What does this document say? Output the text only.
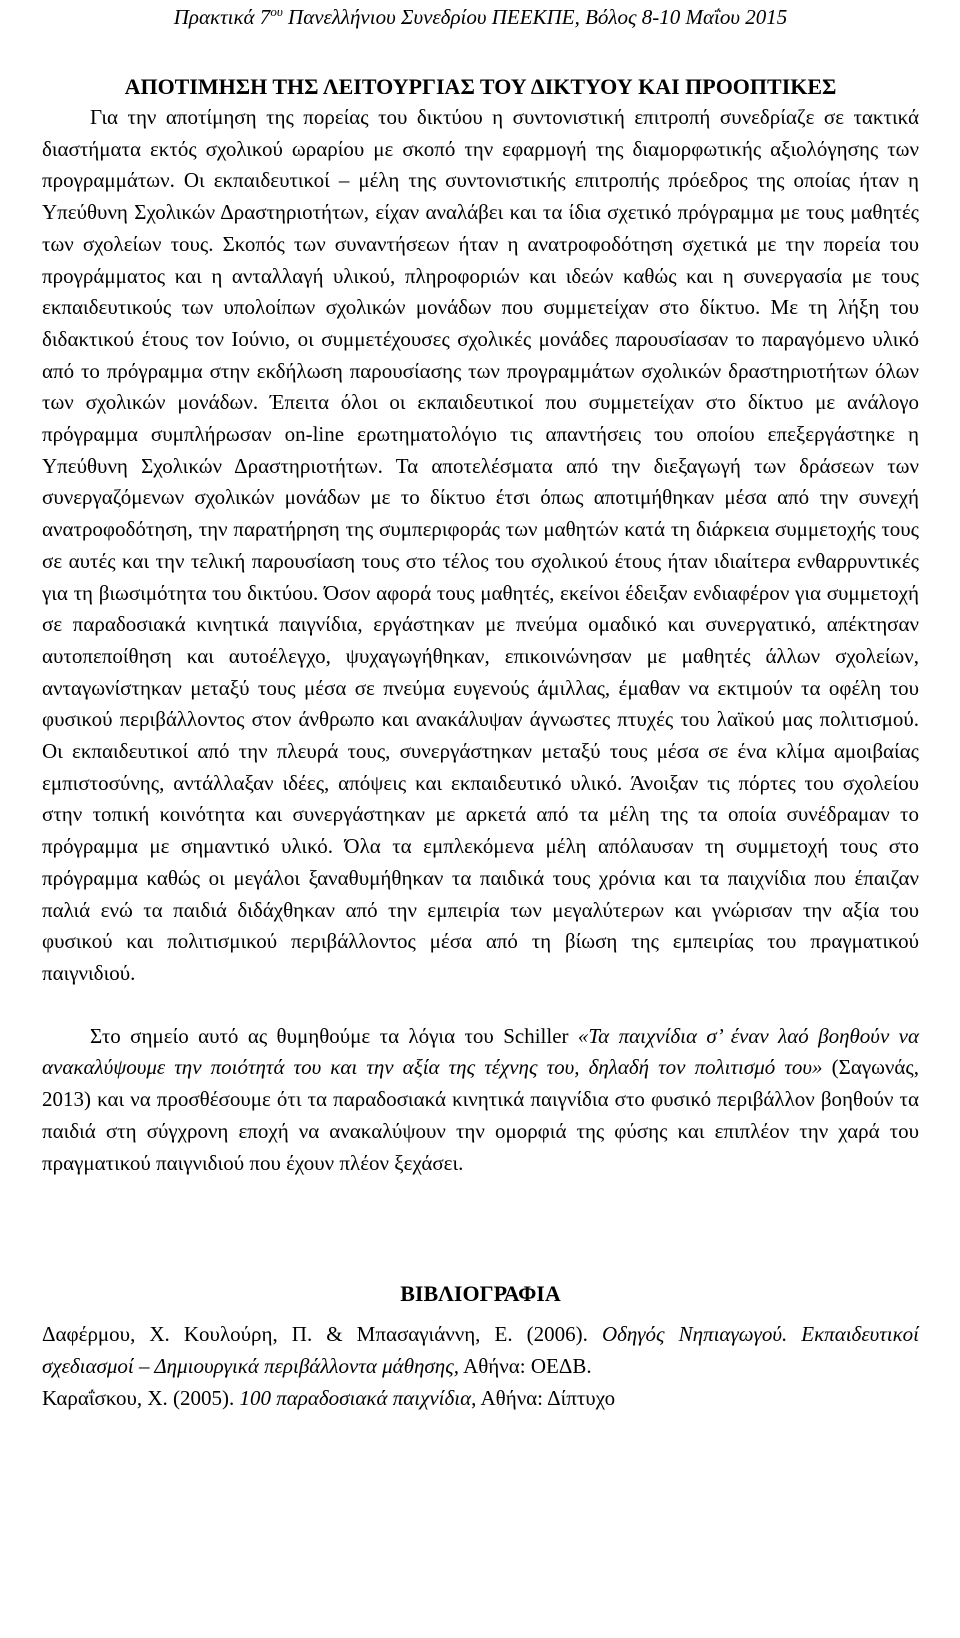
Πρακτικά $7^{o\upsilon}$ Πανελλήνιου Συνεδρίου ΠΕΕΚΠΕ, Βόλος 8-10 Μαΐου 2015
ΑΠΟΤΙΜΗΣΗ ΤΗΣ ΛΕΙΤΟΥΡΓΙΑΣ ΤΟΥ ΔΙΚΤΥΟΥ ΚΑΙ ΠΡΟΟΠΤΙΚΕΣ

Για την αποτίμηση της πορείας του δικτύου η συντονιστική επιτροπή συνεδρίαζε σε τακτικά διαστήματα εκτός σχολικού ωραρίου με σκοπό την εφαρμογή της διαμορφωτικής αξιολόγησης των προγραμμάτων. Οι εκπαιδευτικοί – μέλη της συντονιστικής επιτροπής πρόεδρος της οποίας ήταν η Υπεύθυνη Σχολικών Δραστηριοτήτων, είχαν αναλάβει και τα ίδια σχετικό πρόγραμμα με τους μαθητές των σχολείων τους. Σκοπός των συναντήσεων ήταν η ανατροφοδότηση σχετικά με την πορεία του προγράμματος και η ανταλλαγή υλικού, πληροφοριών και ιδεών καθώς και η συνεργασία με τους εκπαιδευτικούς των υπολοίπων σχολικών μονάδων που συμμετείχαν στο δίκτυο. Με τη λήξη του διδακτικού έτους τον Ιούνιο, οι συμμετέχουσες σχολικές μονάδες παρουσίασαν το παραγόμενο υλικό από το πρόγραμμα στην εκδήλωση παρουσίασης των προγραμμάτων σχολικών δραστηριοτήτων όλων των σχολικών μονάδων. Έπειτα όλοι οι εκπαιδευτικοί που συμμετείχαν στο δίκτυο με ανάλογο πρόγραμμα συμπλήρωσαν on-line ερωτηματολόγιο τις απαντήσεις του οποίου επεξεργάστηκε η Υπεύθυνη Σχολικών Δραστηριοτήτων. Τα αποτελέσματα από την διεξαγωγή των δράσεων των συνεργαζόμενων σχολικών μονάδων με το δίκτυο έτσι όπως αποτιμήθηκαν μέσα από την συνεχή ανατροφοδότηση, την παρατήρηση της συμπεριφοράς των μαθητών κατά τη διάρκεια συμμετοχής τους σε αυτές και την τελική παρουσίαση τους στο τέλος του σχολικού έτους ήταν ιδιαίτερα ενθαρρυντικές για τη βιωσιμότητα του δικτύου. Όσον αφορά τους μαθητές, εκείνοι έδειξαν ενδιαφέρον για συμμετοχή σε παραδοσιακά κινητικά παιγνίδια, εργάστηκαν με πνεύμα ομαδικό και συνεργατικό, απέκτησαν αυτοπεποίθηση και αυτοέλεγχο, ψυχαγωγήθηκαν, επικοινώνησαν με μαθητές άλλων σχολείων, ανταγωνίστηκαν μεταξύ τους μέσα σε πνεύμα ευγενούς άμιλλας, έμαθαν να εκτιμούν τα οφέλη του φυσικού περιβάλλοντος στον άνθρωπο και ανακάλυψαν άγνωστες πτυχές του λαϊκού μας πολιτισμού. Οι εκπαιδευτικοί από την πλευρά τους, συνεργάστηκαν μεταξύ τους μέσα σε ένα κλίμα αμοιβαίας εμπιστοσύνης, αντάλλαξαν ιδέες, απόψεις και εκπαιδευτικό υλικό. Άνοιξαν τις πόρτες του σχολείου στην τοπική κοινότητα και συνεργάστηκαν με αρκετά από τα μέλη της τα οποία συνέδραμαν το πρόγραμμα με σημαντικό υλικό. Όλα τα εμπλεκόμενα μέλη απόλαυσαν τη συμμετοχή τους στο πρόγραμμα καθώς οι μεγάλοι ξαναθυμήθηκαν τα παιδικά τους χρόνια και τα παιχνίδια που έπαιζαν παλιά ενώ τα παιδιά διδάχθηκαν από την εμπειρία των μεγαλύτερων και γνώρισαν την αξία του φυσικού και πολιτισμικού περιβάλλοντος μέσα από τη βίωση της εμπειρίας του πραγματικού παιγνιδιού.

Στο σημείο αυτό ας θυμηθούμε τα λόγια του Schiller «Τα παιχνίδια σ’ έναν λαό βοηθούν να ανακαλύψουμε την ποιότητά του και την αξία της τέχνης του, δηλαδή τον πολιτισμό του» (Σαγωνάς, 2013) και να προσθέσουμε ότι τα παραδοσιακά κινητικά παιγνίδια στο φυσικό περιβάλλον βοηθούν τα παιδιά στη σύγχρονη εποχή να ανακαλύψουν την ομορφιά της φύσης και επιπλέον την χαρά του πραγματικού παιγνιδιού που έχουν πλέον ξεχάσει.

ΒΙΒΛΙΟΓΡΑΦΙΑ

Δαφέρμου, Χ. Κουλούρη, Π. & Μπασαγιάννη, Ε. (2006). Οδηγός Νηπιαγωγού. Εκπαιδευτικοί σχεδιασμοί – Δημιουργικά περιβάλλοντα μάθησης, Αθήνα: ΟΕΔΒ.

Καραΐσκου, Χ. (2005). 100 παραδοσιακά παιχνίδια, Αθήνα: Δίπτυχο
